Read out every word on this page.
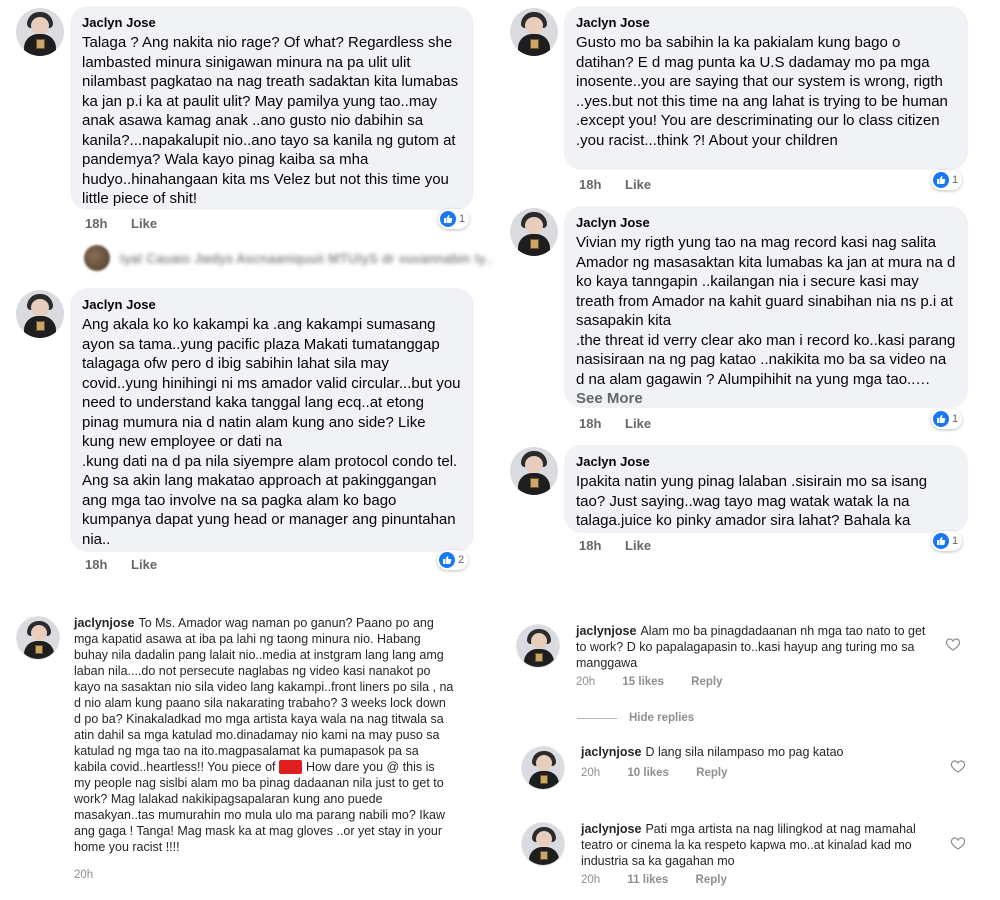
Jaclyn Jose
Talaga ? Ang nakita nio rage? Of what? Regardless she lambasted minura sinigawan minura na pa ulit ulit nilambast pagkatao na nag treath sadaktan kita lumabas ka jan p.i ka at paulit ulit? May pamilya yung tao..may anak asawa kamag anak ..ano gusto nio dabihin sa kanila?...napakalupit nio..ano tayo sa kanila ng gutom at pandemya? Wala kayo pinag kaiba sa mha hudyo..hinahangaan kita ms Velez but not this time you little piece of shit!
18h Like	1
Iyal Cauaio Jwdys Ascnaaniquuii MTUIyS dr vuvannabin Iy..
Jaclyn Jose
Ang akala ko ko kakampi ka .ang kakampi sumasang ayon sa tama..yung pacific plaza Makati tumatanggap talagaga ofw pero d ibig sabihin lahat sila may covid..yung hinihingi ni ms amador valid circular...but you need to understand kaka tanggal lang ecq..at etong pinag mumura nia d natin alam kung ano side? Like kung new employee or dati na
.kung dati na d pa nila siyempre alam protocol condo tel. Ang sa akin lang makatao approach at pakinggangan ang mga tao involve na sa pagka alam ko bago kumpanya dapat yung head or manager ang pinuntahan nia..
18h Like	2
Jaclyn Jose
Gusto mo ba sabihin la ka pakialam kung bago o datihan? E d mag punta ka U.S dadamay mo pa mga inosente..you are saying that our system is wrong, rigth ..yes.but not this time na ang lahat is trying to be human
.except you! You are descriminating our lo class citizen .you racist...think ?! About your children
18h Like	1
Jaclyn Jose
Vivian my rigth yung tao na mag record kasi nag salita Amador ng masasaktan kita lumabas ka jan at mura na d ko kaya tanngapin ..kailangan nia i secure kasi may treath from Amador na kahit guard sinabihan nia ns p.i at sasapakin kita
.the threat id verry clear ako man i record ko..kasi parang nasisiraan na ng pag katao ..nakikita mo ba sa video na d na alam gagawin ? Alumpihihit na yung mga tao..… See More
18h Like	1
Jaclyn Jose
Ipakita natin yung pinag lalaban .sisirain mo sa isang tao? Just saying..wag tayo mag watak watak la na talaga.juice ko pinky amador sira lahat? Bahala ka
18h Like	1
jaclynjose To Ms. Amador wag naman po ganun? Paano po ang mga kapatid asawa at iba pa lahi ng taong minura nio. Habang buhay nila dadalin pang lalait nio..media at instgram lang lang amg laban nila....do not persecute naglabas ng video kasi nanakot po kayo na sasaktan nio sila video lang kakampi..front liners po sila , na d nio alam kung paano sila nakarating trabaho? 3 weeks lock down d po ba? Kinakaladkad mo mga artista kaya wala na nag titwala sa atin dahil sa mga katulad mo.dinadamay nio kami na may puso sa katulad ng mga tao na ito.magpasalamat ka pumapasok pa sa kabila covid..heartless!! You piece of shit How dare you @ this is my people nag sislbi alam mo ba pinag dadaanan nila just to get to work? Mag lalakad nakikipagsapalaran kung ano puede masakyan..tas mumurahin mo mula ulo ma parang nabili mo? Ikaw ang gaga ! Tanga! Mag mask ka at mag gloves ..or yet stay in your home you racist !!!!
20h
jaclynjose Alam mo ba pinagdadaanan nh mga tao nato to get to work? D ko papalagapasin to..kasi hayup ang turing mo sa manggawa
20h 15 likes Reply
Hide replies
jaclynjose D lang sila nilampaso mo pag katao
20h 10 likes Reply
jaclynjose Pati mga artista na nag lilingkod at nag mamahal teatro or cinema la ka respeto kapwa mo..at kinalad kad mo industria sa ka gagahan mo
20h 11 likes Reply
